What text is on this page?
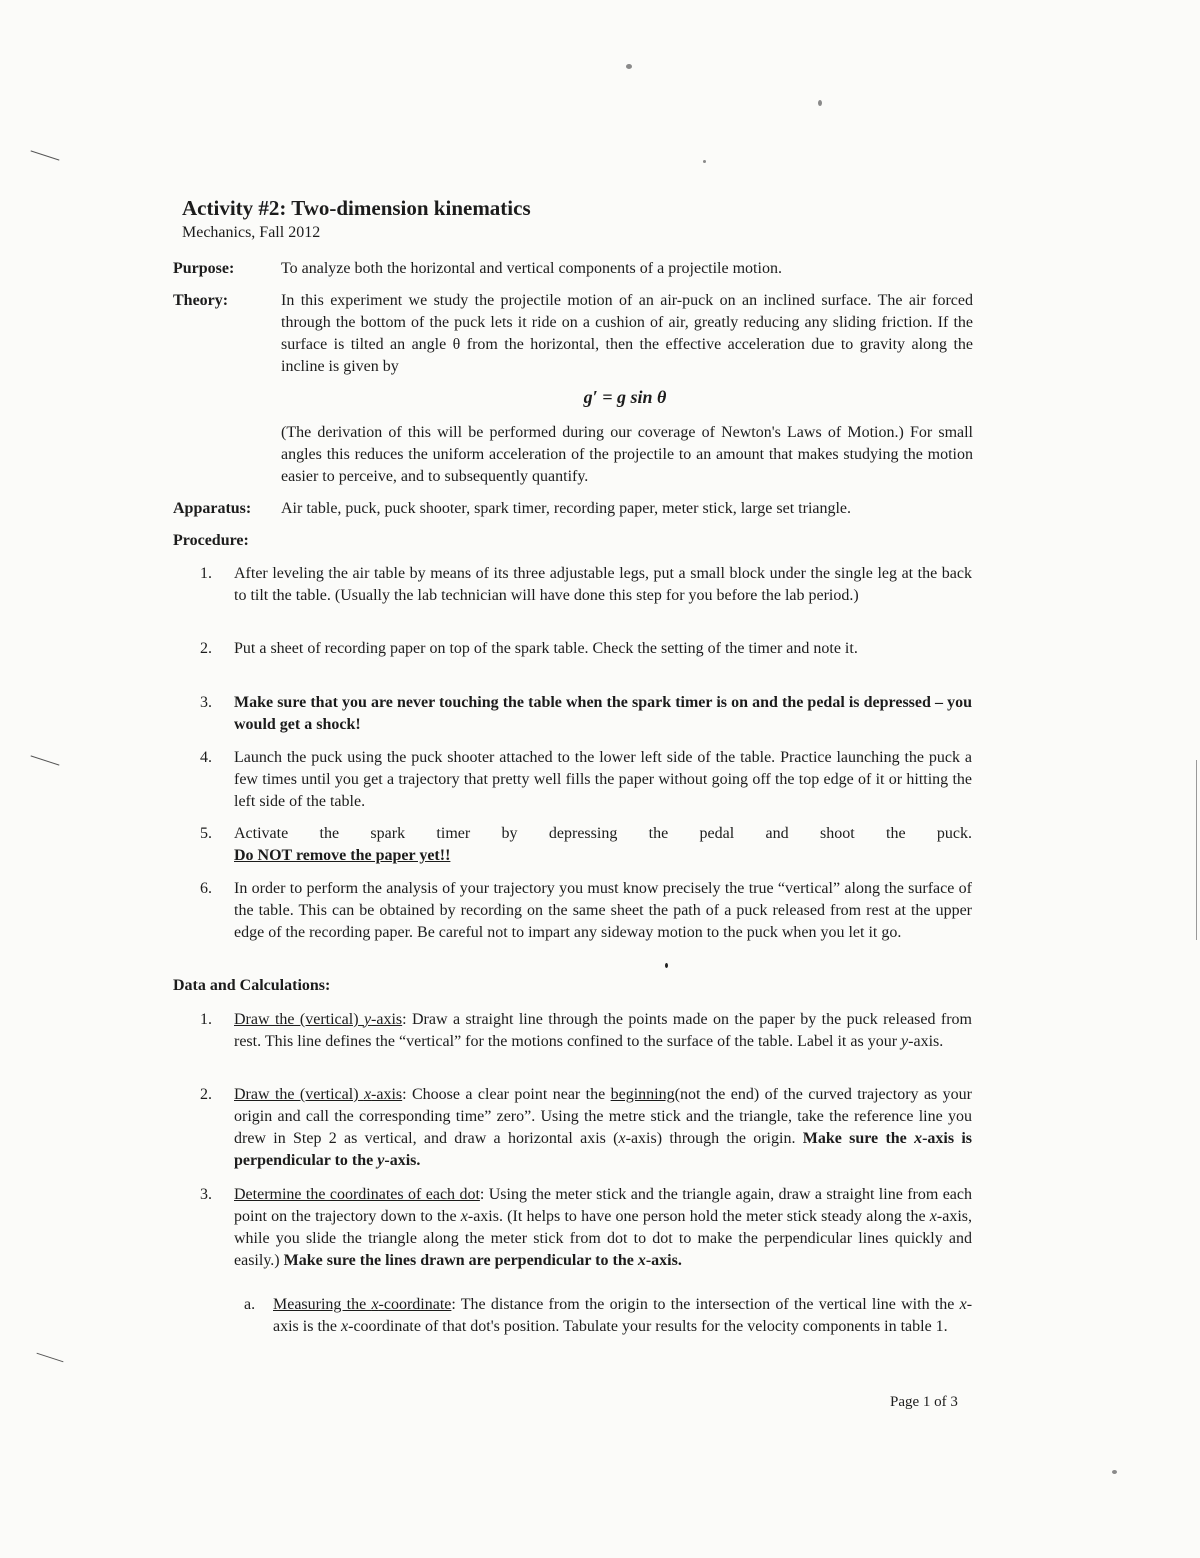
Activity #2: Two-dimension kinematics
Mechanics, Fall 2012
Purpose:	To analyze both the horizontal and vertical components of a projectile motion.
Theory:	In this experiment we study the projectile motion of an air-puck on an inclined surface. The air forced through the bottom of the puck lets it ride on a cushion of air, greatly reducing any sliding friction. If the surface is tilted an angle θ from the horizontal, then the effective acceleration due to gravity along the incline is given by
g′ = g sin θ
(The derivation of this will be performed during our coverage of Newton's Laws of Motion.) For small angles this reduces the uniform acceleration of the projectile to an amount that makes studying the motion easier to perceive, and to subsequently quantify.
Apparatus: Air table, puck, puck shooter, spark timer, recording paper, meter stick, large set triangle.
Procedure:
1. After leveling the air table by means of its three adjustable legs, put a small block under the single leg at the back to tilt the table. (Usually the lab technician will have done this step for you before the lab period.)
2. Put a sheet of recording paper on top of the spark table. Check the setting of the timer and note it.
3. Make sure that you are never touching the table when the spark timer is on and the pedal is depressed – you would get a shock!
4. Launch the puck using the puck shooter attached to the lower left side of the table. Practice launching the puck a few times until you get a trajectory that pretty well fills the paper without going off the top edge of it or hitting the left side of the table.
5. Activate the spark timer by depressing the pedal and shoot the puck.
Do NOT remove the paper yet!!
6. In order to perform the analysis of your trajectory you must know precisely the true “vertical” along the surface of the table. This can be obtained by recording on the same sheet the path of a puck released from rest at the upper edge of the recording paper. Be careful not to impart any sideway motion to the puck when you let it go.
Data and Calculations:
1. Draw the (vertical) y-axis: Draw a straight line through the points made on the paper by the puck released from rest. This line defines the “vertical” for the motions confined to the surface of the table. Label it as your y-axis.
2. Draw the (vertical) x-axis: Choose a clear point near the beginning(not the end) of the curved trajectory as your origin and call the corresponding time” zero”. Using the metre stick and the triangle, take the reference line you drew in Step 2 as vertical, and draw a horizontal axis (x-axis) through the origin. Make sure the x-axis is perpendicular to the y-axis.
3. Determine the coordinates of each dot: Using the meter stick and the triangle again, draw a straight line from each point on the trajectory down to the x-axis. (It helps to have one person hold the meter stick steady along the x-axis, while you slide the triangle along the meter stick from dot to dot to make the perpendicular lines quickly and easily.) Make sure the lines drawn are perpendicular to the x-axis.
a. Measuring the x-coordinate: The distance from the origin to the intersection of the vertical line with the x-axis is the x-coordinate of that dot's position. Tabulate your results for the velocity components in table 1.
Page 1 of 3
